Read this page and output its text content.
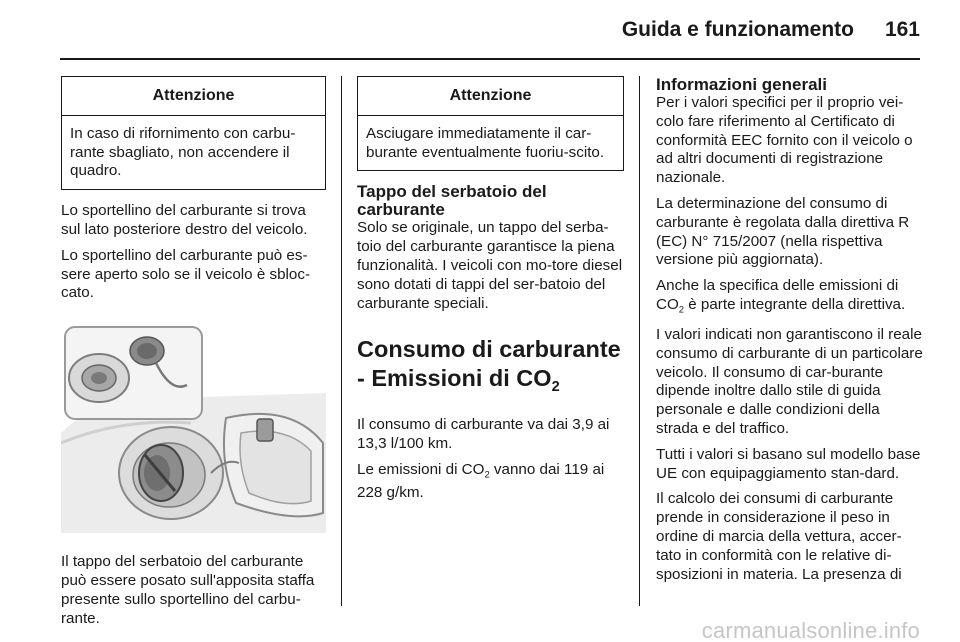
Guida e funzionamento 161
Attenzione
In caso di rifornimento con carbu-rante sbagliato, non accendere il quadro.

Lo sportellino del carburante si trova sul lato posteriore destro del veicolo.

Lo sportellino del carburante può es-sere aperto solo se il veicolo è sbloc-cato.

Il tappo del serbatoio del carburante può essere posato sull'apposita staffa presente sullo sportellino del carbu-rante.

Attenzione
Asciugare immediatamente il car-burante eventualmente fuoriu-scito.
Tappo del serbatoio del carburante

Solo se originale, un tappo del serba-toio del carburante garantisce la piena funzionalità. I veicoli con mo-tore diesel sono dotati di tappi del ser-batoio del carburante speciali.

Consumo di carburante - Emissioni di $CO_2$

Il consumo di carburante va dai 3,9 ai 13,3 l/100 km.

Le emissioni di $CO_2$ vanno dai 119 ai 228 g/km.

Informazioni generali

Per i valori specifici per il proprio vei-colo fare riferimento al Certificato di conformità EEC fornito con il veicolo o ad altri documenti di registrazione nazionale.

La determinazione del consumo di carburante è regolata dalla direttiva R (EC) N° 715/2007 (nella rispettiva versione più aggiornata).

Anche la specifica delle emissioni di $CO_2$ è parte integrante della direttiva.

I valori indicati non garantiscono il reale consumo di carburante di un particolare veicolo. Il consumo di car-burante dipende inoltre dallo stile di guida personale e dalle condizioni della strada e del traffico.

Tutti i valori si basano sul modello base UE con equipaggiamento stan-dard.

Il calcolo dei consumi di carburante prende in considerazione il peso in ordine di marcia della vettura, accer-tato in conformità con le relative di-sposizioni in materia. La presenza di

carmanualsonline.info
